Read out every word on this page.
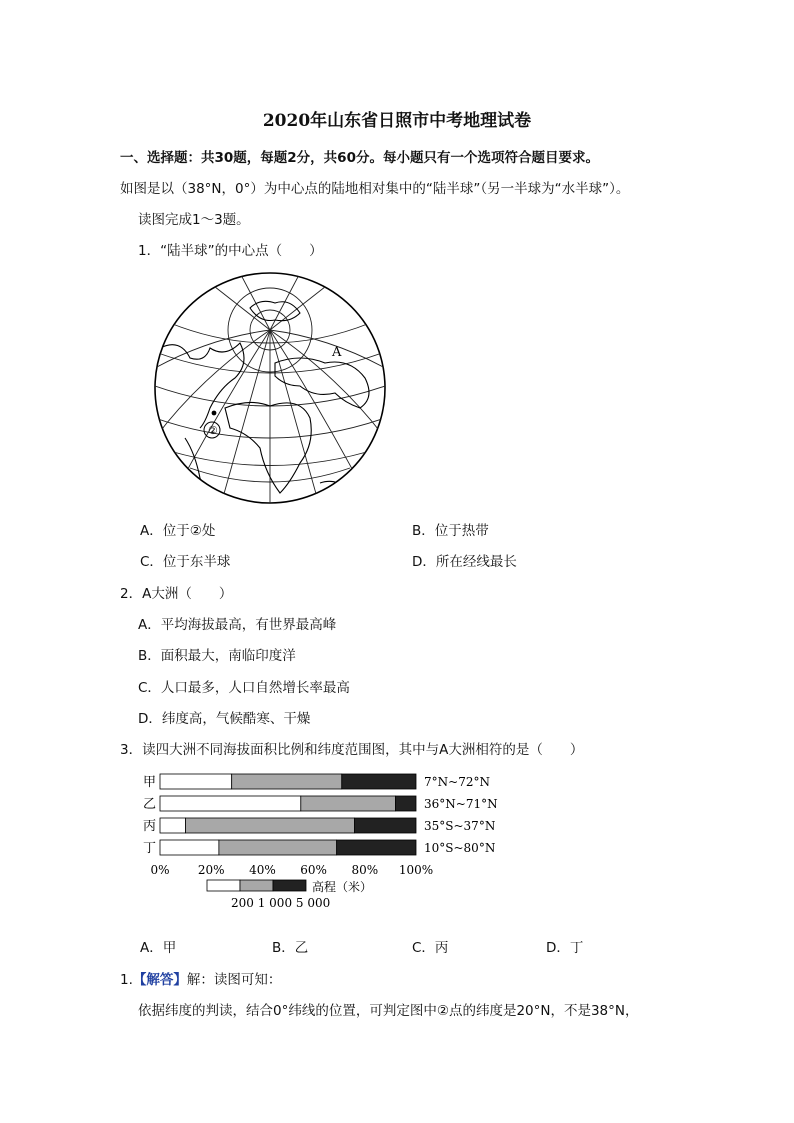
2020年山东省日照市中考地理试卷
一、选择题：共30题，每题2分，共60分。每小题只有一个选项符合题目要求。
如图是以（38°N，0°）为中心点的陆地相对集中的“陆半球”（另一半球为“水半球”）。
读图完成1～3题。
1．“陆半球”的中心点（　　）
②
A
A．位于②处	B．位于热带
C．位于东半球	D．所在经线最长
2．A大洲（　　）
A．平均海拔最高，有世界最高峰
B．面积最大，南临印度洋
C．人口最多，人口自然增长率最高
D．纬度高，气候酷寒、干燥
3．读四大洲不同海拔面积比例和纬度范围图，其中与A大洲相符的是（　　）
甲	7°N~72°N
乙	36°N~71°N
丙	35°S~37°N
丁	10°S~80°N
0% 20% 40% 60% 80% 100%
高程（米）
200 1 000 5 000
A．甲	B．乙	C．丙	D．丁
1.【解答】解：读图可知：
依据纬度的判读，结合0°纬线的位置，可判定图中②点的纬度是20°N，不是38°N，
